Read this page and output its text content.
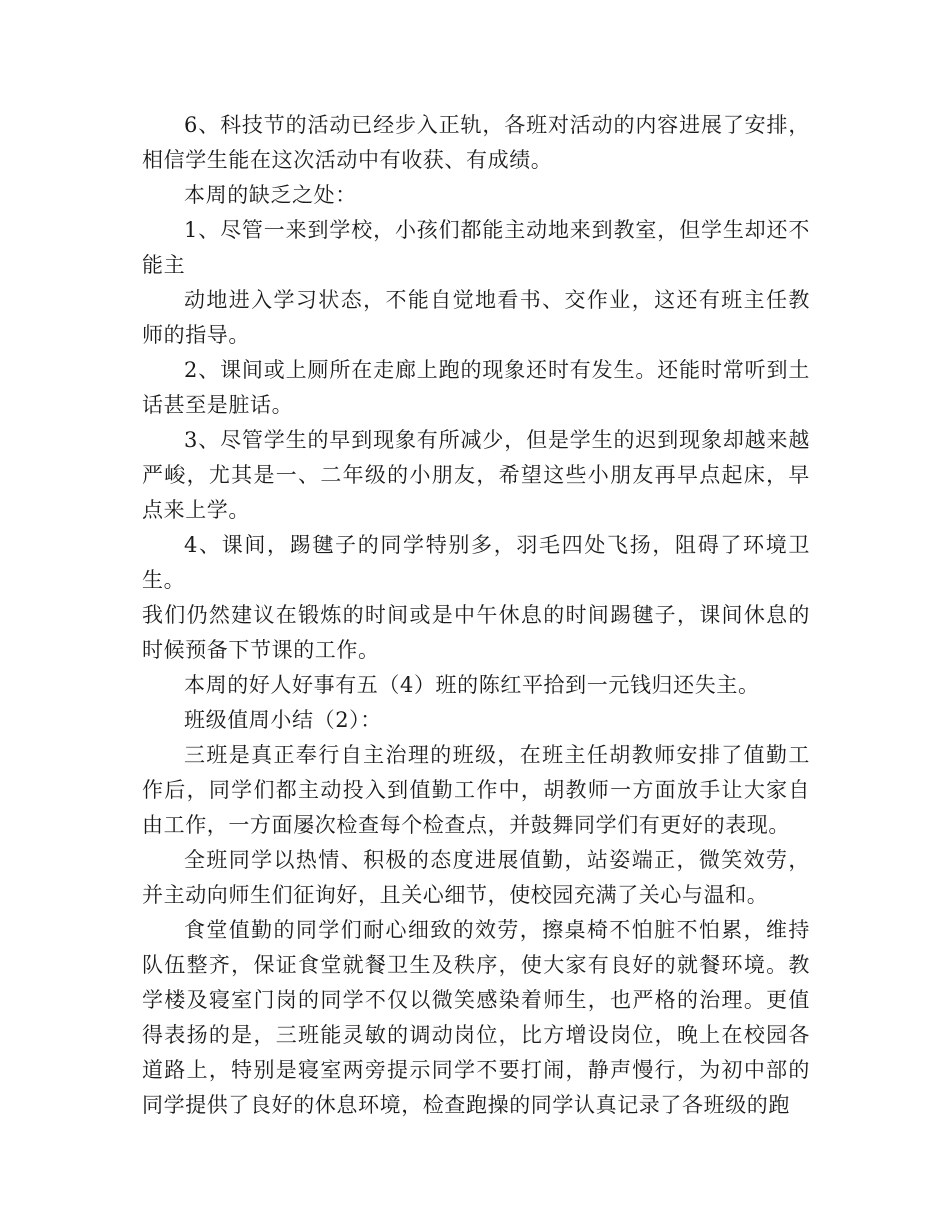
6、科技节的活动已经步入正轨，各班对活动的内容进展了安排，相信学生能在这次活动中有收获、有成绩。

本周的缺乏之处：

1、尽管一来到学校，小孩们都能主动地来到教室，但学生却还不能主

动地进入学习状态，不能自觉地看书、交作业，这还有班主任教师的指导。

2、课间或上厕所在走廊上跑的现象还时有发生。还能时常听到土话甚至是脏话。

3、尽管学生的早到现象有所减少，但是学生的迟到现象却越来越严峻，尤其是一、二年级的小朋友，希望这些小朋友再早点起床，早点来上学。

4、课间，踢毽子的同学特别多，羽毛四处飞扬，阻碍了环境卫生。

我们仍然建议在锻炼的时间或是中午休息的时间踢毽子，课间休息的时候预备下节课的工作。

本周的好人好事有五（4）班的陈红平拾到一元钱归还失主。

班级值周小结（2）：

三班是真正奉行自主治理的班级，在班主任胡教师安排了值勤工作后，同学们都主动投入到值勤工作中，胡教师一方面放手让大家自由工作，一方面屡次检查每个检查点，并鼓舞同学们有更好的表现。

全班同学以热情、积极的态度进展值勤，站姿端正，微笑效劳，并主动向师生们征询好，且关心细节，使校园充满了关心与温和。

食堂值勤的同学们耐心细致的效劳，擦桌椅不怕脏不怕累，维持队伍整齐，保证食堂就餐卫生及秩序，使大家有良好的就餐环境。教学楼及寝室门岗的同学不仅以微笑感染着师生，也严格的治理。更值得表扬的是，三班能灵敏的调动岗位，比方增设岗位，晚上在校园各道路上，特别是寝室两旁提示同学不要打闹，静声慢行，为初中部的同学提供了良好的休息环境，检查跑操的同学认真记录了各班级的跑
